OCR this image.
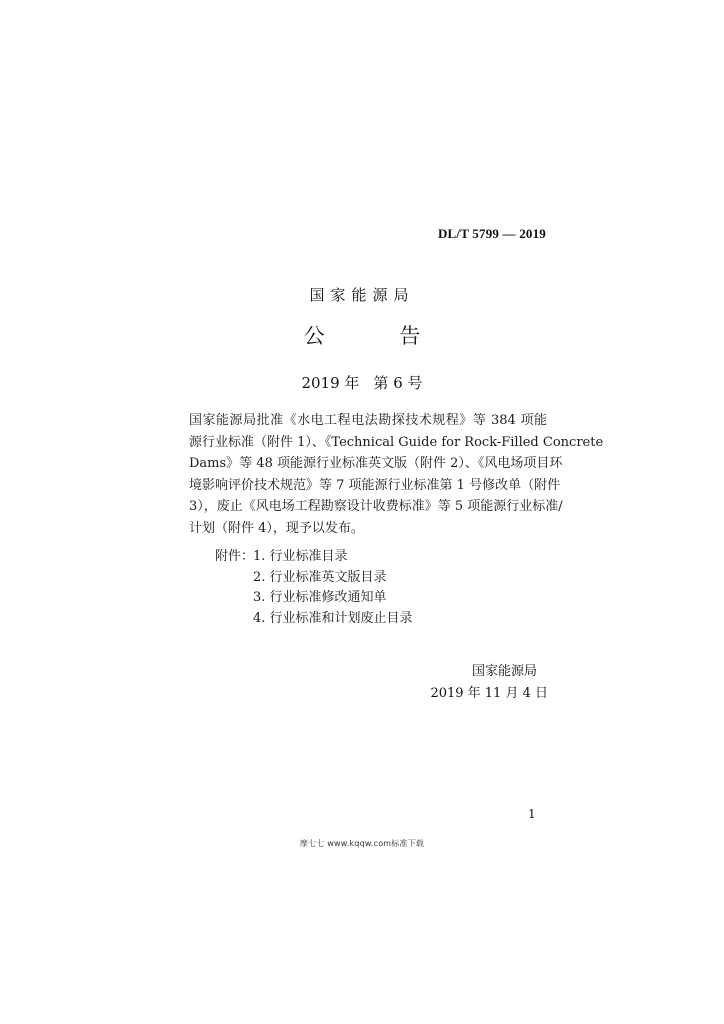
DL/T 5799 — 2019
国家能源局
公 告
2019 年 第 6 号
国家能源局批准《水电工程电法勘探技术规程》等 384 项能
源行业标准（附件 1）、《Technical Guide for Rock-Filled Concrete
Dams》等 48 项能源行业标准英文版（附件 2）、《风电场项目环
境影响评价技术规范》等 7 项能源行业标准第 1 号修改单（附件
3），废止《风电场工程勘察设计收费标准》等 5 项能源行业标准/
计划（附件 4），现予以发布。
附件：
1. 行业标准目录
2. 行业标准英文版目录
3. 行业标准修改通知单
4. 行业标准和计划废止目录
国家能源局
2019 年 11 月 4 日
1
摩七七 www.kqqw.com标准下载
